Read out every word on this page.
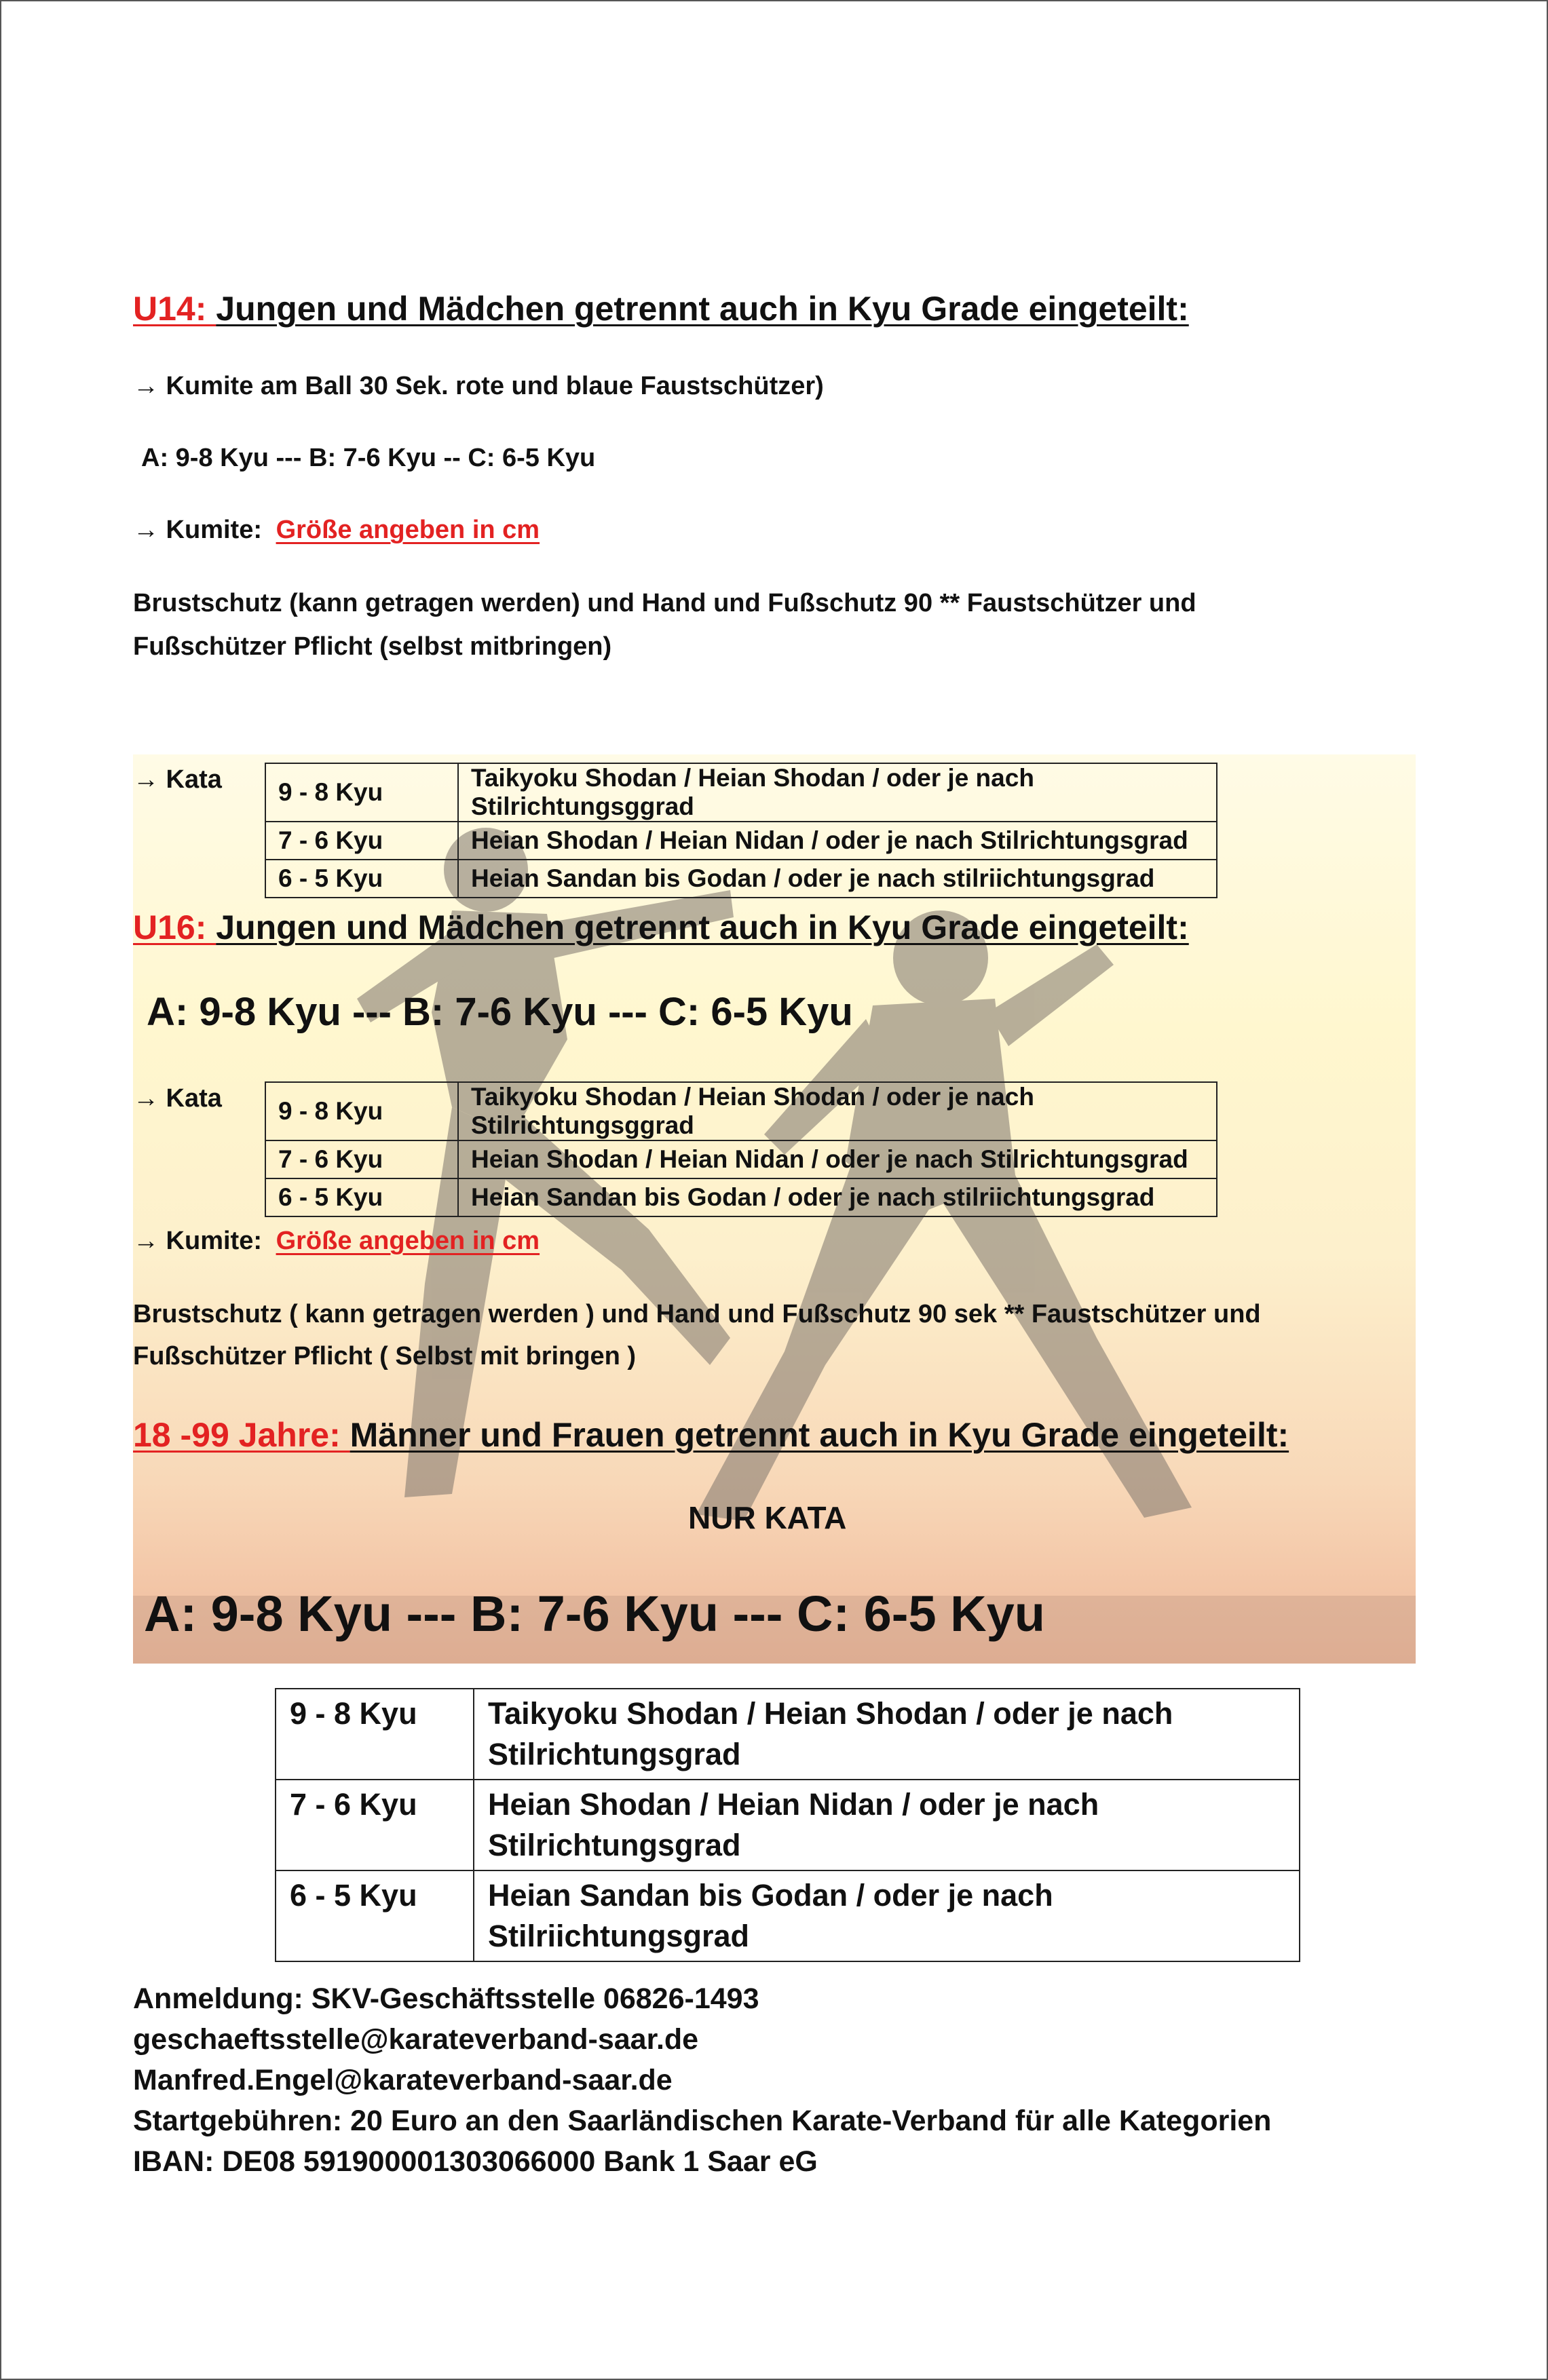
U14: Jungen und Mädchen getrennt auch in Kyu Grade eingeteilt:
→ Kumite am Ball 30 Sek. rote und blaue Faustschützer)
A: 9-8 Kyu --- B: 7-6 Kyu -- C: 6-5 Kyu
→ Kumite: Größe angeben in cm
Brustschutz (kann getragen werden) und Hand und Fußschutz 90 ** Faustschützer und
Fußschützer Pflicht (selbst mitbringen)
→ Kata 9 - 8 Kyu	Taikyoku Shodan / Heian Shodan / oder je nach Stilrichtungsggrad
7 - 6 Kyu	Heian Shodan / Heian Nidan / oder je nach Stilrichtungsgrad
6 - 5 Kyu	Heian Sandan bis Godan / oder je nach stilriichtungsgrad
U16: Jungen und Mädchen getrennt auch in Kyu Grade eingeteilt:
A: 9-8 Kyu --- B: 7-6 Kyu --- C: 6-5 Kyu
→ Kata 9 - 8 Kyu	Taikyoku Shodan / Heian Shodan / oder je nach Stilrichtungsggrad
7 - 6 Kyu	Heian Shodan / Heian Nidan / oder je nach Stilrichtungsgrad
6 - 5 Kyu	Heian Sandan bis Godan / oder je nach stilriichtungsgrad
→ Kumite: Größe angeben in cm
Brustschutz ( kann getragen werden ) und Hand und Fußschutz 90 sek ** Faustschützer und
Fußschützer Pflicht ( Selbst mit bringen )
18 -99 Jahre: Männer und Frauen getrennt auch in Kyu Grade eingeteilt:
NUR KATA
A: 9-8 Kyu --- B: 7-6 Kyu --- C: 6-5 Kyu
9 - 8 Kyu	Taikyoku Shodan / Heian Shodan / oder je nach
Stilrichtungsgrad

7 - 6 Kyu	Heian Shodan / Heian Nidan / oder je nach
Stilrichtungsgrad

6 - 5 Kyu	Heian Sandan bis Godan / oder je nach
Stilriichtungsgrad
Anmeldung: SKV-Geschäftsstelle 06826-1493
geschaeftsstelle@karateverband-saar.de
Manfred.Engel@karateverband-saar.de
Startgebühren: 20 Euro an den Saarländischen Karate-Verband für alle Kategorien
IBAN: DE08 591900001303066000 Bank 1 Saar eG
